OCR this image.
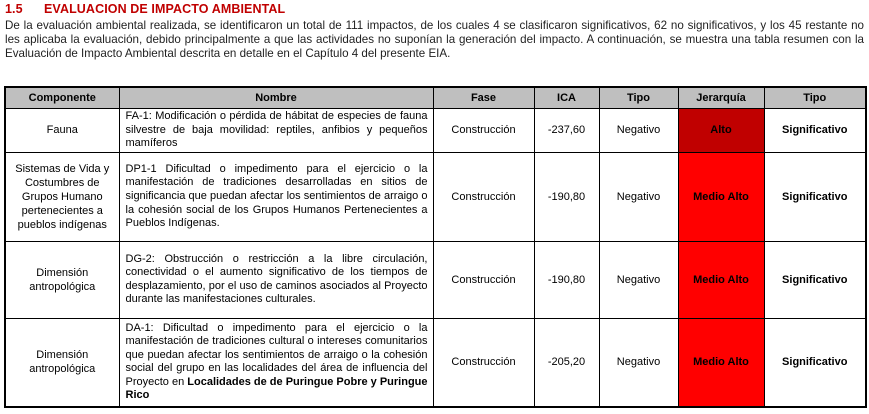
1.5 EVALUACION DE IMPACTO AMBIENTAL

De la evaluación ambiental realizada, se identificaron un total de 111 impactos, de los cuales 4 se clasificaron significativos, 62 no significativos, y los 45 restante no les aplicaba la evaluación, debido principalmente a que las actividades no suponían la generación del impacto. A continuación, se muestra una tabla resumen con la Evaluación de Impacto Ambiental descrita en detalle en el Capítulo 4 del presente EIA.

Componente	Nombre	Fase	ICA	Tipo	Jerarquía	Tipo
Fauna	FA-1: Modificación o pérdida de hábitat de especies de fauna silvestre de baja movilidad: reptiles, anfibios y pequeños mamíferos	Construcción	-237,60	Negativo	Alto	Significativo
Sistemas de Vida y Costumbres de Grupos Humano pertenecientes a pueblos indígenas	DP1-1 Dificultad o impedimento para el ejercicio o la manifestación de tradiciones desarrolladas en sitios de significancia que puedan afectar los sentimientos de arraigo o la cohesión social de los Grupos Humanos Pertenecientes a Pueblos Indígenas.	Construcción	-190,80	Negativo	Medio Alto	Significativo
Dimensión antropológica	DG-2: Obstrucción o restricción a la libre circulación, conectividad o el aumento significativo de los tiempos de desplazamiento, por el uso de caminos asociados al Proyecto durante las manifestaciones culturales.	Construcción	-190,80	Negativo	Medio Alto	Significativo
Dimensión antropológica	DA-1: Dificultad o impedimento para el ejercicio o la manifestación de tradiciones cultural o intereses comunitarios que puedan afectar los sentimientos de arraigo o la cohesión social del grupo en las localidades del área de influencia del Proyecto en Localidades de de Puringue Pobre y Puringue Rico	Construcción	-205,20	Negativo	Medio Alto	Significativo
